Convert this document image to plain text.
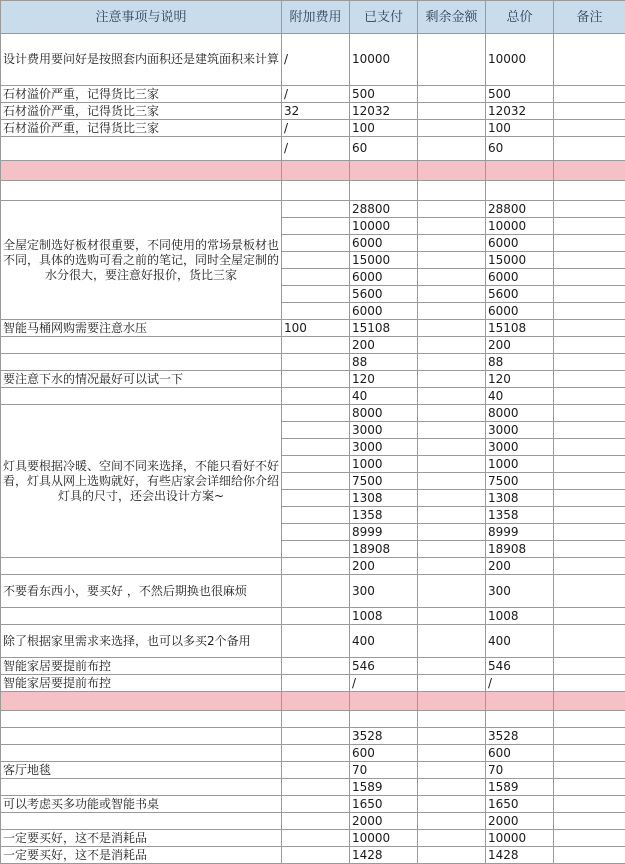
注意事项与说明	附加费用	已支付	剩余金额	总价	备注
设计费用要问好是按照套内面积还是建筑面积来计算	/	10000		10000	
石材溢价严重，记得货比三家	/	500		500	
石材溢价严重，记得货比三家	32	12032		12032	
石材溢价严重，记得货比三家	/	100		100	
	/	60		60	

全屋定制选好板材很重要，不同使用的常场景板材也不同，具体的选购可看之前的笔记，同时全屋定制的水分很大，要注意好报价，货比三家		28800		28800	
		10000		10000	
		6000		6000	
		15000		15000	
		6000		6000	
		5600		5600	
		6000		6000	
智能马桶网购需要注意水压	100	15108		15108	
		200		200	
		88		88	
要注意下水的情况最好可以试一下		120		120	
		40		40	
灯具要根据冷暖、空间不同来选择，不能只看好不好看，灯具从网上选购就好，有些店家会详细给你介绍灯具的尺寸，还会出设计方案~		8000		8000	
		3000		3000	
		3000		3000	
		1000		1000	
		7500		7500	
		1308		1308	
		1358		1358	
		8999		8999	
		18908		18908	
		200		200	
不要看东西小，要买好 ，不然后期换也很麻烦		300		300	
		1008		1008	
除了根据家里需求来选择，也可以多买2个备用		400		400	
智能家居要提前布控		546		546	
智能家居要提前布控		/		/	

		3528		3528	
		600		600	
客厅地毯		70		70	
		1589		1589	
可以考虑买多功能或智能书桌		1650		1650	
		2000		2000	
一定要买好，这不是消耗品		10000		10000	
一定要买好，这不是消耗品		1428		1428	
